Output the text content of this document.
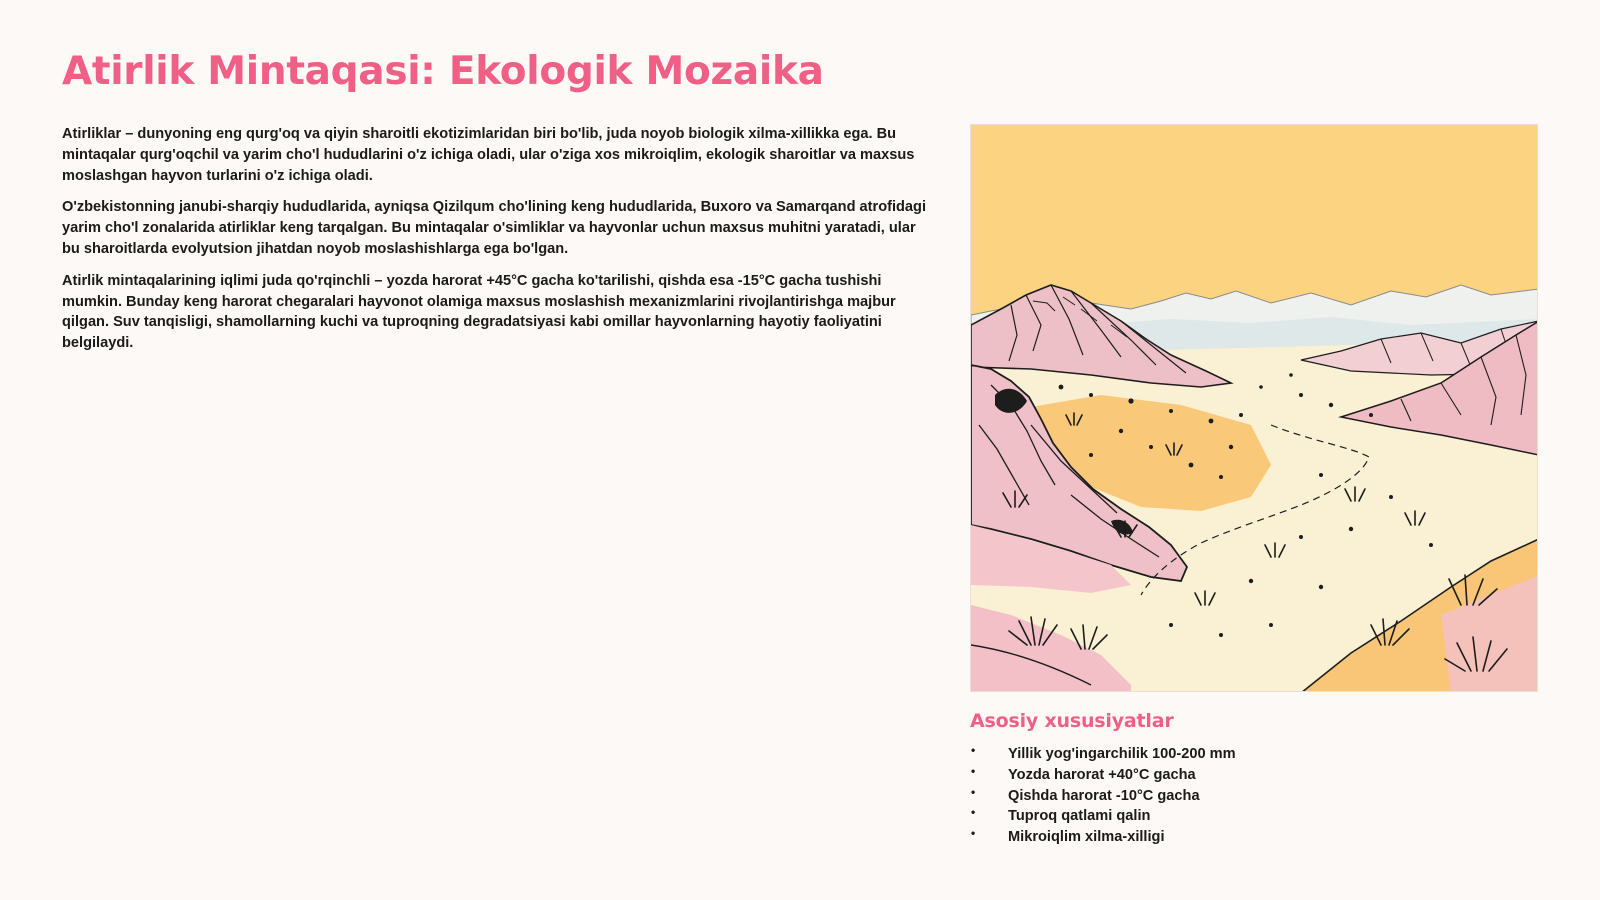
Atirlik Mintaqasi: Ekologik Mozaika

Atirliklar – dunyoning eng qurg'oq va qiyin sharoitli ekotizimlaridan biri bo'lib, juda noyob biologik xilma-xillikka ega. Bu mintaqalar qurg'oqchil va yarim cho'l hududlarini o'z ichiga oladi, ular o'ziga xos mikroiqlim, ekologik sharoitlar va maxsus moslashgan hayvon turlarini o'z ichiga oladi.

O'zbekistonning janubi-sharqiy hududlarida, ayniqsa Qizilqum cho'lining keng hududlarida, Buxoro va Samarqand atrofidagi yarim cho'l zonalarida atirliklar keng tarqalgan. Bu mintaqalar o'simliklar va hayvonlar uchun maxsus muhitni yaratadi, ular bu sharoitlarda evolyutsion jihatdan noyob moslashishlarga ega bo'lgan.

Atirlik mintaqalarining iqlimi juda qo'rqinchli – yozda harorat +45°C gacha ko'tarilishi, qishda esa -15°C gacha tushishi mumkin. Bunday keng harorat chegaralari hayvonot olamiga maxsus moslashish mexanizmlarini rivojlantirishga majbur qilgan. Suv tanqisligi, shamollarning kuchi va tuproqning degradatsiyasi kabi omillar hayvonlarning hayotiy faoliyatini belgilaydi.

Asosiy xususiyatlar
• Yillik yog'ingarchilik 100-200 mm
• Yozda harorat +40°C gacha
• Qishda harorat -10°C gacha
• Tuproq qatlami qalin
• Mikroiqlim xilma-xilligi
